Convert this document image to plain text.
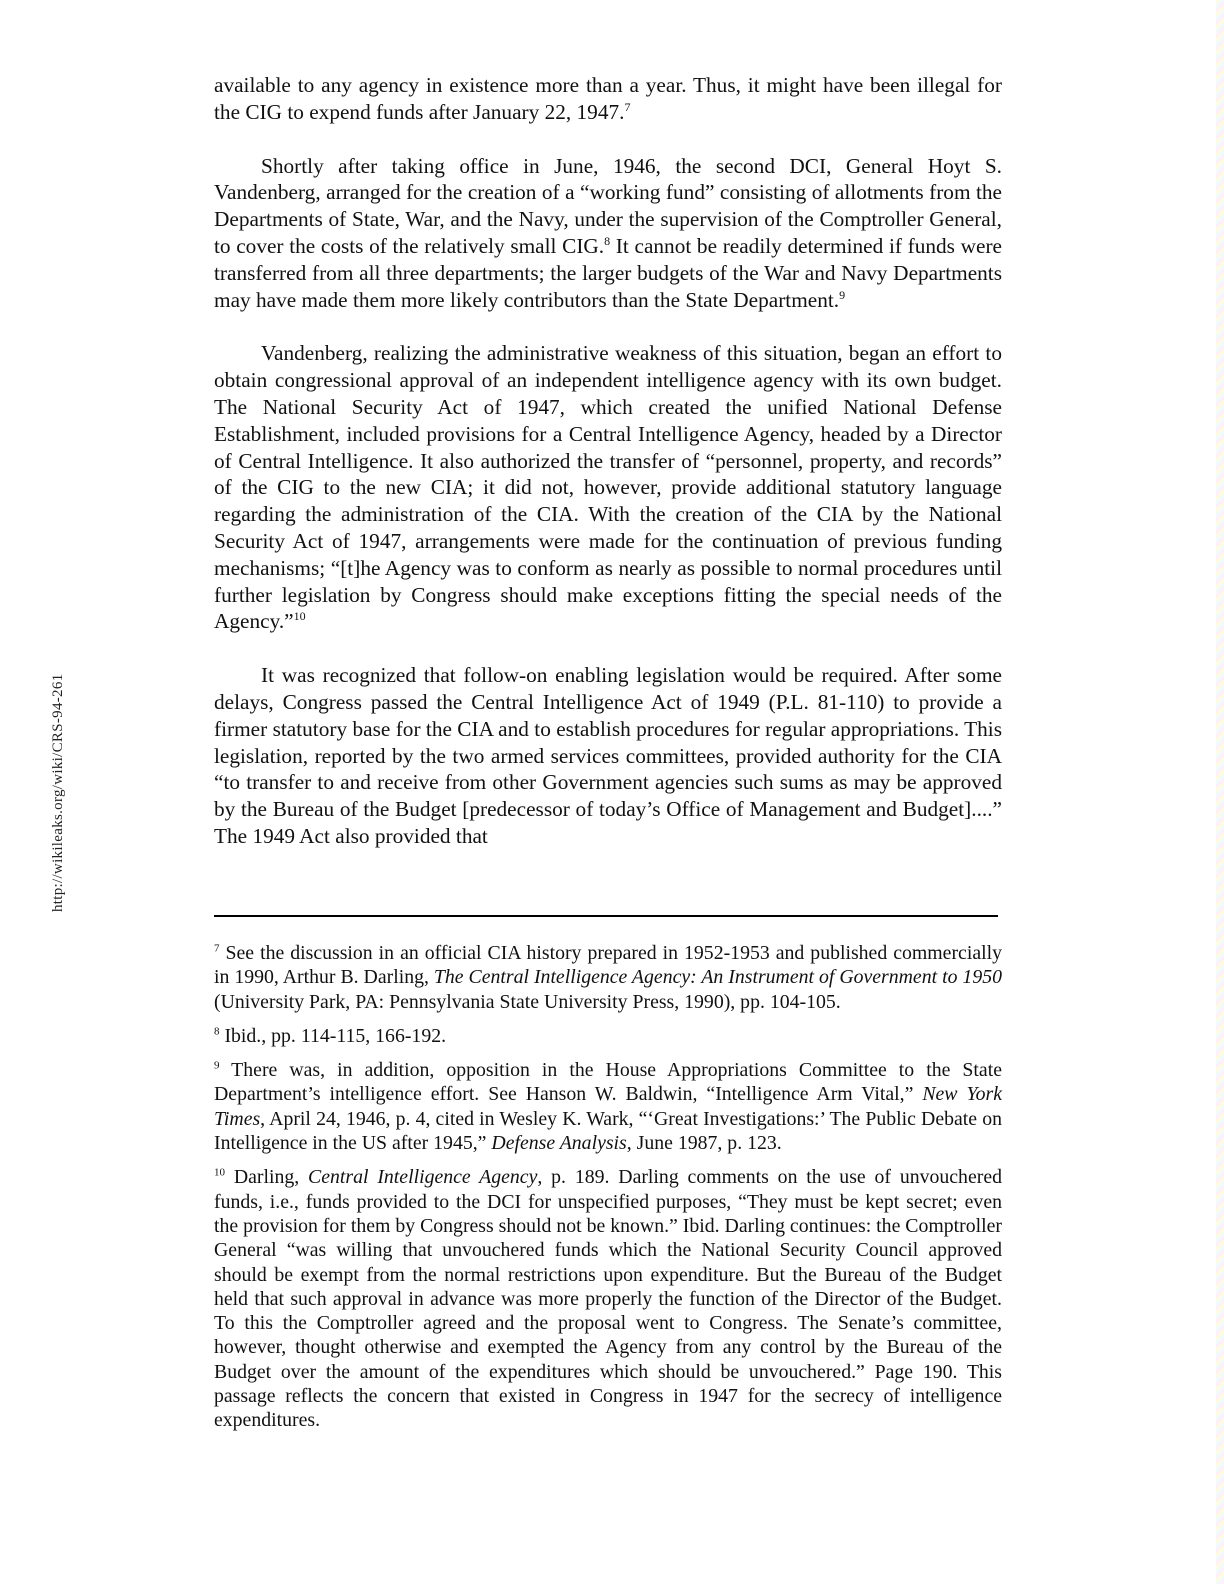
http://wikileaks.org/wiki/CRS-94-261

available to any agency in existence more than a year. Thus, it might have been illegal for the CIG to expend funds after January 22, 1947.$^7$

Shortly after taking office in June, 1946, the second DCI, General Hoyt S. Vandenberg, arranged for the creation of a “working fund” consisting of allotments from the Departments of State, War, and the Navy, under the supervision of the Comptroller General, to cover the costs of the relatively small CIG.$^8$ It cannot be readily determined if funds were transferred from all three departments; the larger budgets of the War and Navy Departments may have made them more likely contributors than the State Department.$^9$

Vandenberg, realizing the administrative weakness of this situation, began an effort to obtain congressional approval of an independent intelligence agency with its own budget. The National Security Act of 1947, which created the unified National Defense Establishment, included provisions for a Central Intelligence Agency, headed by a Director of Central Intelligence. It also authorized the transfer of “personnel, property, and records” of the CIG to the new CIA; it did not, however, provide additional statutory language regarding the administration of the CIA. With the creation of the CIA by the National Security Act of 1947, arrangements were made for the continuation of previous funding mechanisms; “[t]he Agency was to conform as nearly as possible to normal procedures until further legislation by Congress should make exceptions fitting the special needs of the Agency.”$^{10}$

It was recognized that follow-on enabling legislation would be required. After some delays, Congress passed the Central Intelligence Act of 1949 (P.L. 81-110) to provide a firmer statutory base for the CIA and to establish procedures for regular appropriations. This legislation, reported by the two armed services committees, provided authority for the CIA “to transfer to and receive from other Government agencies such sums as may be approved by the Bureau of the Budget [predecessor of today’s Office of Management and Budget]....” The 1949 Act also provided that

$^7$ See the discussion in an official CIA history prepared in 1952-1953 and published commercially in 1990, Arthur B. Darling, The Central Intelligence Agency: An Instrument of Government to 1950 (University Park, PA: Pennsylvania State University Press, 1990), pp. 104-105.

$^8$ Ibid., pp. 114-115, 166-192.

$^9$ There was, in addition, opposition in the House Appropriations Committee to the State Department’s intelligence effort. See Hanson W. Baldwin, “Intelligence Arm Vital,” New York Times, April 24, 1946, p. 4, cited in Wesley K. Wark, “‘Great Investigations:’ The Public Debate on Intelligence in the US after 1945,” Defense Analysis, June 1987, p. 123.

$^{10}$ Darling, Central Intelligence Agency, p. 189. Darling comments on the use of unvouchered funds, i.e., funds provided to the DCI for unspecified purposes, “They must be kept secret; even the provision for them by Congress should not be known.” Ibid. Darling continues: the Comptroller General “was willing that unvouchered funds which the National Security Council approved should be exempt from the normal restrictions upon expenditure. But the Bureau of the Budget held that such approval in advance was more properly the function of the Director of the Budget. To this the Comptroller agreed and the proposal went to Congress. The Senate’s committee, however, thought otherwise and exempted the Agency from any control by the Bureau of the Budget over the amount of the expenditures which should be unvouchered.” Page 190. This passage reflects the concern that existed in Congress in 1947 for the secrecy of intelligence expenditures.
